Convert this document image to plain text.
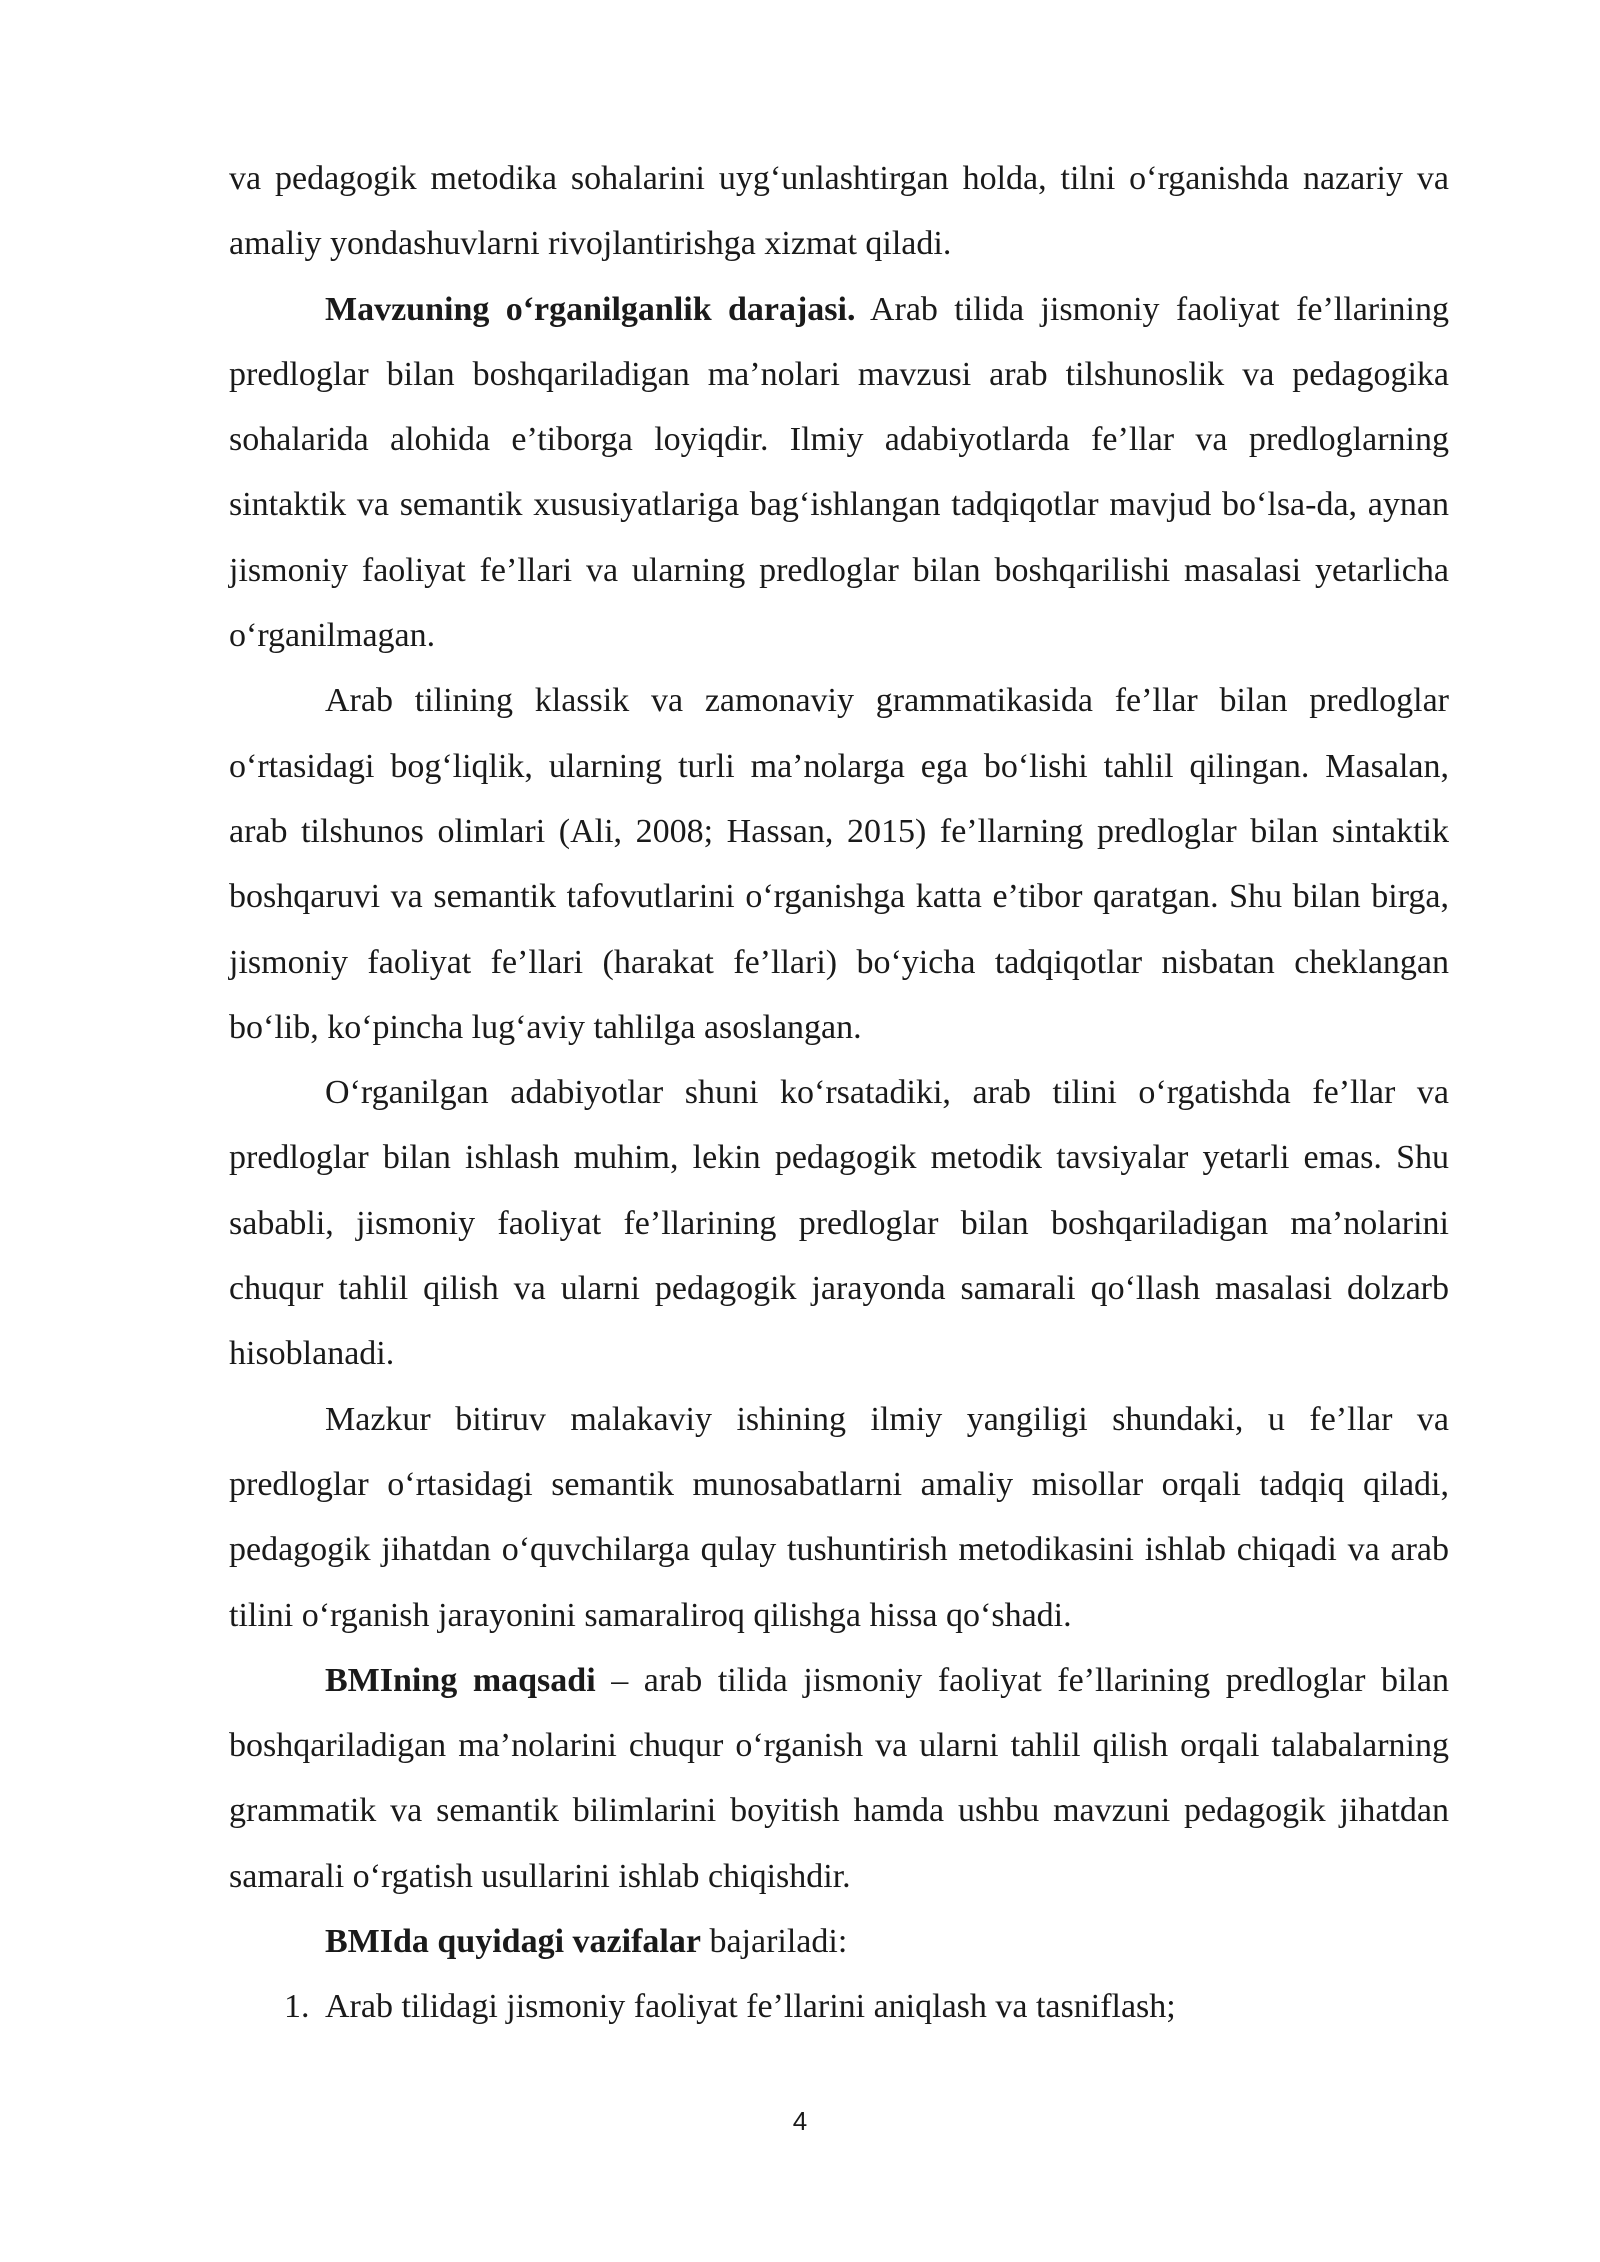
va pedagogik metodika sohalarini uyg‘unlashtirgan holda, tilni o‘rganishda nazariy va amaliy yondashuvlarni rivojlantirishga xizmat qiladi.

Mavzuning o‘rganilganlik darajasi. Arab tilida jismoniy faoliyat fe’llarining predloglar bilan boshqariladigan ma’nolari mavzusi arab tilshunoslik va pedagogika sohalarida alohida e’tiborga loyiqdir. Ilmiy adabiyotlarda fe’llar va predloglarning sintaktik va semantik xususiyatlariga bag‘ishlangan tadqiqotlar mavjud bo‘lsa-da, aynan jismoniy faoliyat fe’llari va ularning predloglar bilan boshqarilishi masalasi yetarlicha o‘rganilmagan.

Arab tilining klassik va zamonaviy grammatikasida fe’llar bilan predloglar o‘rtasidagi bog‘liqlik, ularning turli ma’nolarga ega bo‘lishi tahlil qilingan. Masalan, arab tilshunos olimlari (Ali, 2008; Hassan, 2015) fe’llarning predloglar bilan sintaktik boshqaruvi va semantik tafovutlarini o‘rganishga katta e’tibor qaratgan. Shu bilan birga, jismoniy faoliyat fe’llari (harakat fe’llari) bo‘yicha tadqiqotlar nisbatan cheklangan bo‘lib, ko‘pincha lug‘aviy tahlilga asoslangan.

O‘rganilgan adabiyotlar shuni ko‘rsatadiki, arab tilini o‘rgatishda fe’llar va predloglar bilan ishlash muhim, lekin pedagogik metodik tavsiyalar yetarli emas. Shu sababli, jismoniy faoliyat fe’llarining predloglar bilan boshqariladigan ma’nolarini chuqur tahlil qilish va ularni pedagogik jarayonda samarali qo‘llash masalasi dolzarb hisoblanadi.

Mazkur bitiruv malakaviy ishining ilmiy yangiligi shundaki, u fe’llar va predloglar o‘rtasidagi semantik munosabatlarni amaliy misollar orqali tadqiq qiladi, pedagogik jihatdan o‘quvchilarga qulay tushuntirish metodikasini ishlab chiqadi va arab tilini o‘rganish jarayonini samaraliroq qilishga hissa qo‘shadi.

BMIning maqsadi – arab tilida jismoniy faoliyat fe’llarining predloglar bilan boshqariladigan ma’nolarini chuqur o‘rganish va ularni tahlil qilish orqali talabalarning grammatik va semantik bilimlarini boyitish hamda ushbu mavzuni pedagogik jihatdan samarali o‘rgatish usullarini ishlab chiqishdir.

BMIda quyidagi vazifalar bajariladi:

1. Arab tilidagi jismoniy faoliyat fe’llarini aniqlash va tasniflash;
4
